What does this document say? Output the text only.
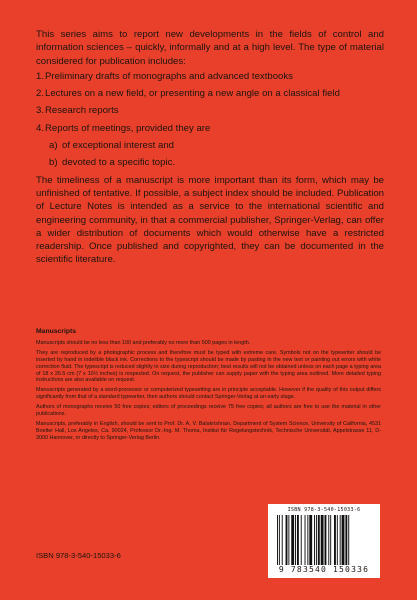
This series aims to report new developments in the fields of control and information sciences – quickly, informally and at a high level. The type of material considered for publication includes:

1. Preliminary drafts of monographs and advanced textbooks
2. Lectures on a new field, or presenting a new angle on a classical field
3. Research reports
4. Reports of meetings, provided they are
a) of exceptional interest and
b) devoted to a specific topic.

The timeliness of a manuscript is more important than its form, which may be unfinished of tentative. If possible, a subject index should be included. Publication of Lecture Notes is intended as a service to the international scientific and engineering community, in that a commercial publisher, Springer-Verlag, can offer a wider distribution of documents which would otherwise have a restricted readership. Once published and copyrighted, they can be documented in the scientific literature.

Manuscripts

Manuscripts should be no less than 100 and preferably no more than 500 pages in length.

They are reproduced by a photographic process and therefore must be typed with extreme care. Symbols not on the typewriter should be inserted by hand in indelible black ink. Corrections to the typescript should be made by pasting in the new text or painting out errors with white correction fluid. The typescript is reduced slightly in size during reproduction; best results will not be obtained unless on each page a typing area of 18 x 26.5 cm (7 x 10½ inches) is respected. On request, the publisher can supply paper with the typing area outlined. More detailed typing instructions are also available on request.

Manuscripts generated by a word-processor or computerized typesetting are in principle acceptable. However if the quality of this output differs significantly from that of a standard typewriter, then authors should contact Springer-Verlag at an early stage.

Authors of monographs receive 50 free copies; editors of proceedings receive 75 free copies; all authors are free to use the material in other publications.

Manuscripts, preferably in English, should be sent to Prof. Dr. A. V. Balakrishnan, Department of System Science, University of California, 4531 Boelter Hall, Los Angeles, Ca. 90024, Professor Dr.-Ing. M. Thoma, Institut für Regelungstechnik, Technische Universität, Appelstrasse 11, D-3000 Hannover, or directly to Springer-Verlag Berlin.

ISBN 978-3-540-15033-6
9 783540 150336
ISBN 978-3-540-15033-6
